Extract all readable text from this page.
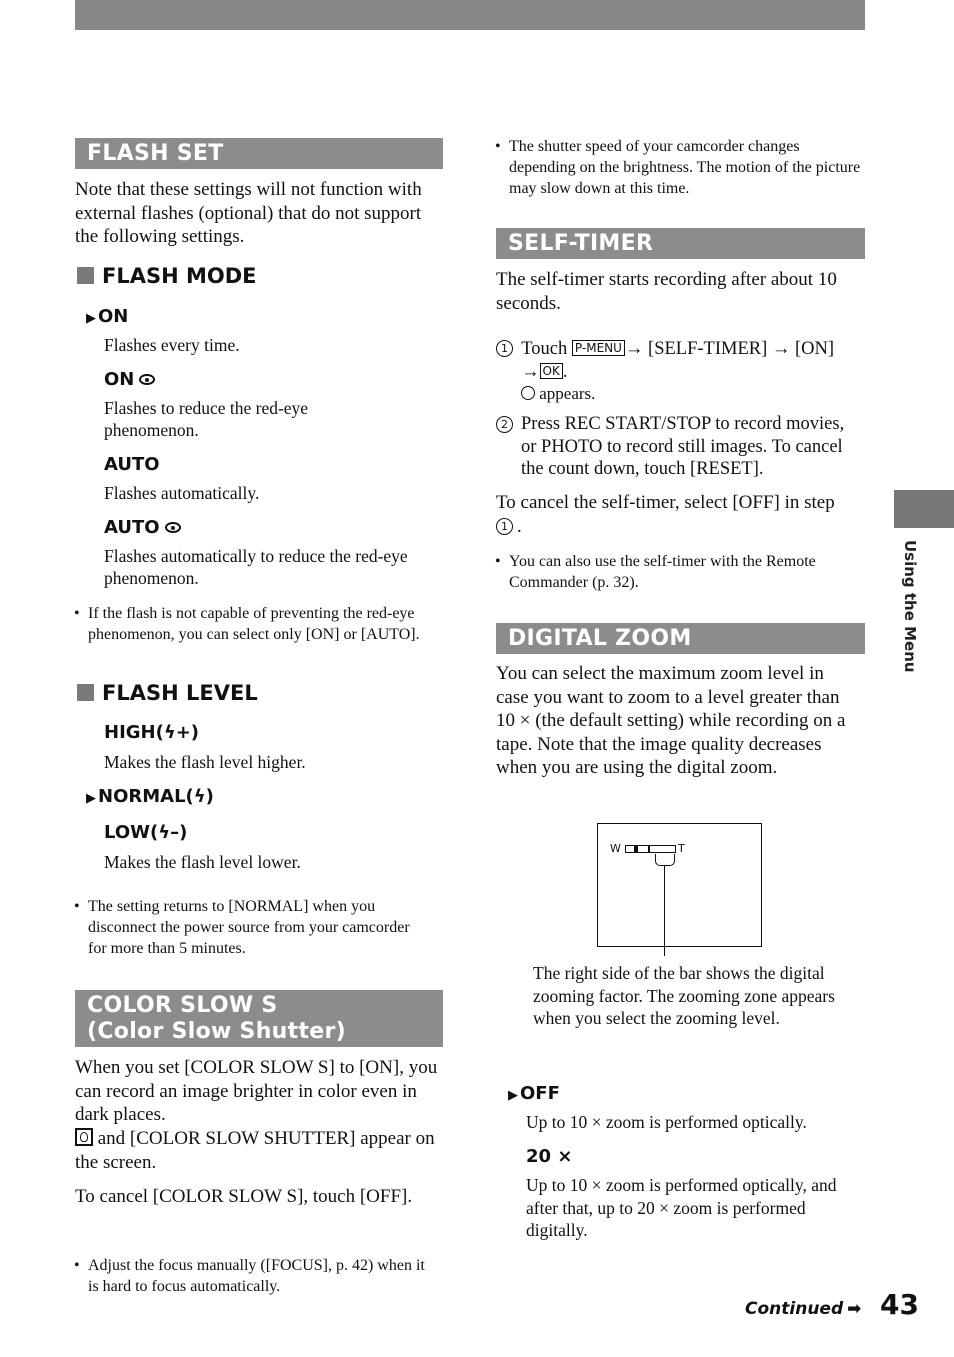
FLASH SET
Note that these settings will not function with external flashes (optional) that do not support the following settings.
FLASH MODE
▶ ON
Flashes every time.
ON
Flashes to reduce the red-eye phenomenon.
AUTO
Flashes automatically.
AUTO
Flashes automatically to reduce the red-eye phenomenon.
• If the flash is not capable of preventing the red-eye phenomenon, you can select only [ON] or [AUTO].
FLASH LEVEL
HIGH(ϟ+)
Makes the flash level higher.
▶ NORMAL(ϟ)
LOW(ϟ–)
Makes the flash level lower.
• The setting returns to [NORMAL] when you disconnect the power source from your camcorder for more than 5 minutes.
COLOR SLOW S
(Color Slow Shutter)
When you set [COLOR SLOW S] to [ON], you can record an image brighter in color even in dark places.
and [COLOR SLOW SHUTTER] appear on the screen.
To cancel [COLOR SLOW S], touch [OFF].
• Adjust the focus manually ([FOCUS], p. 42) when it is hard to focus automatically.
• The shutter speed of your camcorder changes depending on the brightness. The motion of the picture may slow down at this time.
SELF-TIMER
The self-timer starts recording after about 10 seconds.
1 Touch P-MENU → [SELF-TIMER] → [ON]
→ OK .
appears.
2 Press REC START/STOP to record movies, or PHOTO to record still images. To cancel the count down, touch [RESET].
To cancel the self-timer, select [OFF] in step 1 .
• You can also use the self-timer with the Remote Commander (p. 32).
DIGITAL ZOOM
You can select the maximum zoom level in case you want to zoom to a level greater than 10 × (the default setting) while recording on a tape. Note that the image quality decreases when you are using the digital zoom.
W	T
The right side of the bar shows the digital zooming factor. The zooming zone appears when you select the zooming level.
▶ OFF
Up to 10 × zoom is performed optically.
20 ×
Up to 10 × zoom is performed optically, and after that, up to 20 × zoom is performed digitally.
Using the Menu
Continued ➡ 43
